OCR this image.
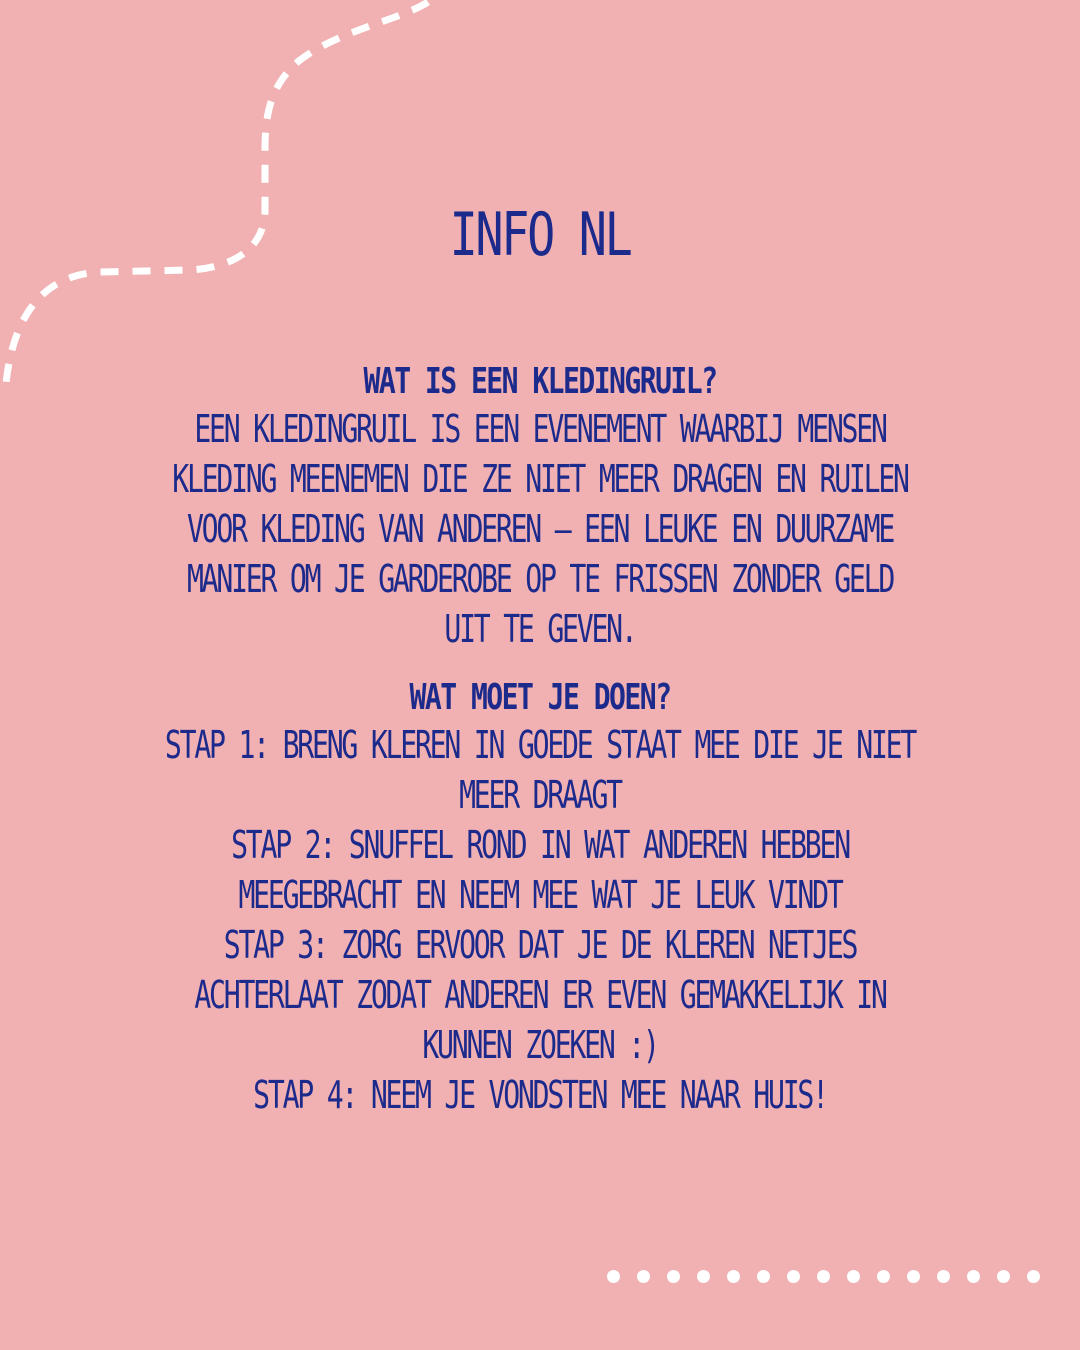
INFO NL
WAT IS EEN KLEDINGRUIL?
EEN KLEDINGRUIL IS EEN EVENEMENT WAARBIJ MENSEN
KLEDING MEENEMEN DIE ZE NIET MEER DRAGEN EN RUILEN
VOOR KLEDING VAN ANDEREN – EEN LEUKE EN DUURZAME
MANIER OM JE GARDEROBE OP TE FRISSEN ZONDER GELD
UIT TE GEVEN.
WAT MOET JE DOEN?
STAP 1: BRENG KLEREN IN GOEDE STAAT MEE DIE JE NIET
MEER DRAAGT
STAP 2: SNUFFEL ROND IN WAT ANDEREN HEBBEN
MEEGEBRACHT EN NEEM MEE WAT JE LEUK VINDT
STAP 3: ZORG ERVOOR DAT JE DE KLEREN NETJES
ACHTERLAAT ZODAT ANDEREN ER EVEN GEMAKKELIJK IN
KUNNEN ZOEKEN :)
STAP 4: NEEM JE VONDSTEN MEE NAAR HUIS!
